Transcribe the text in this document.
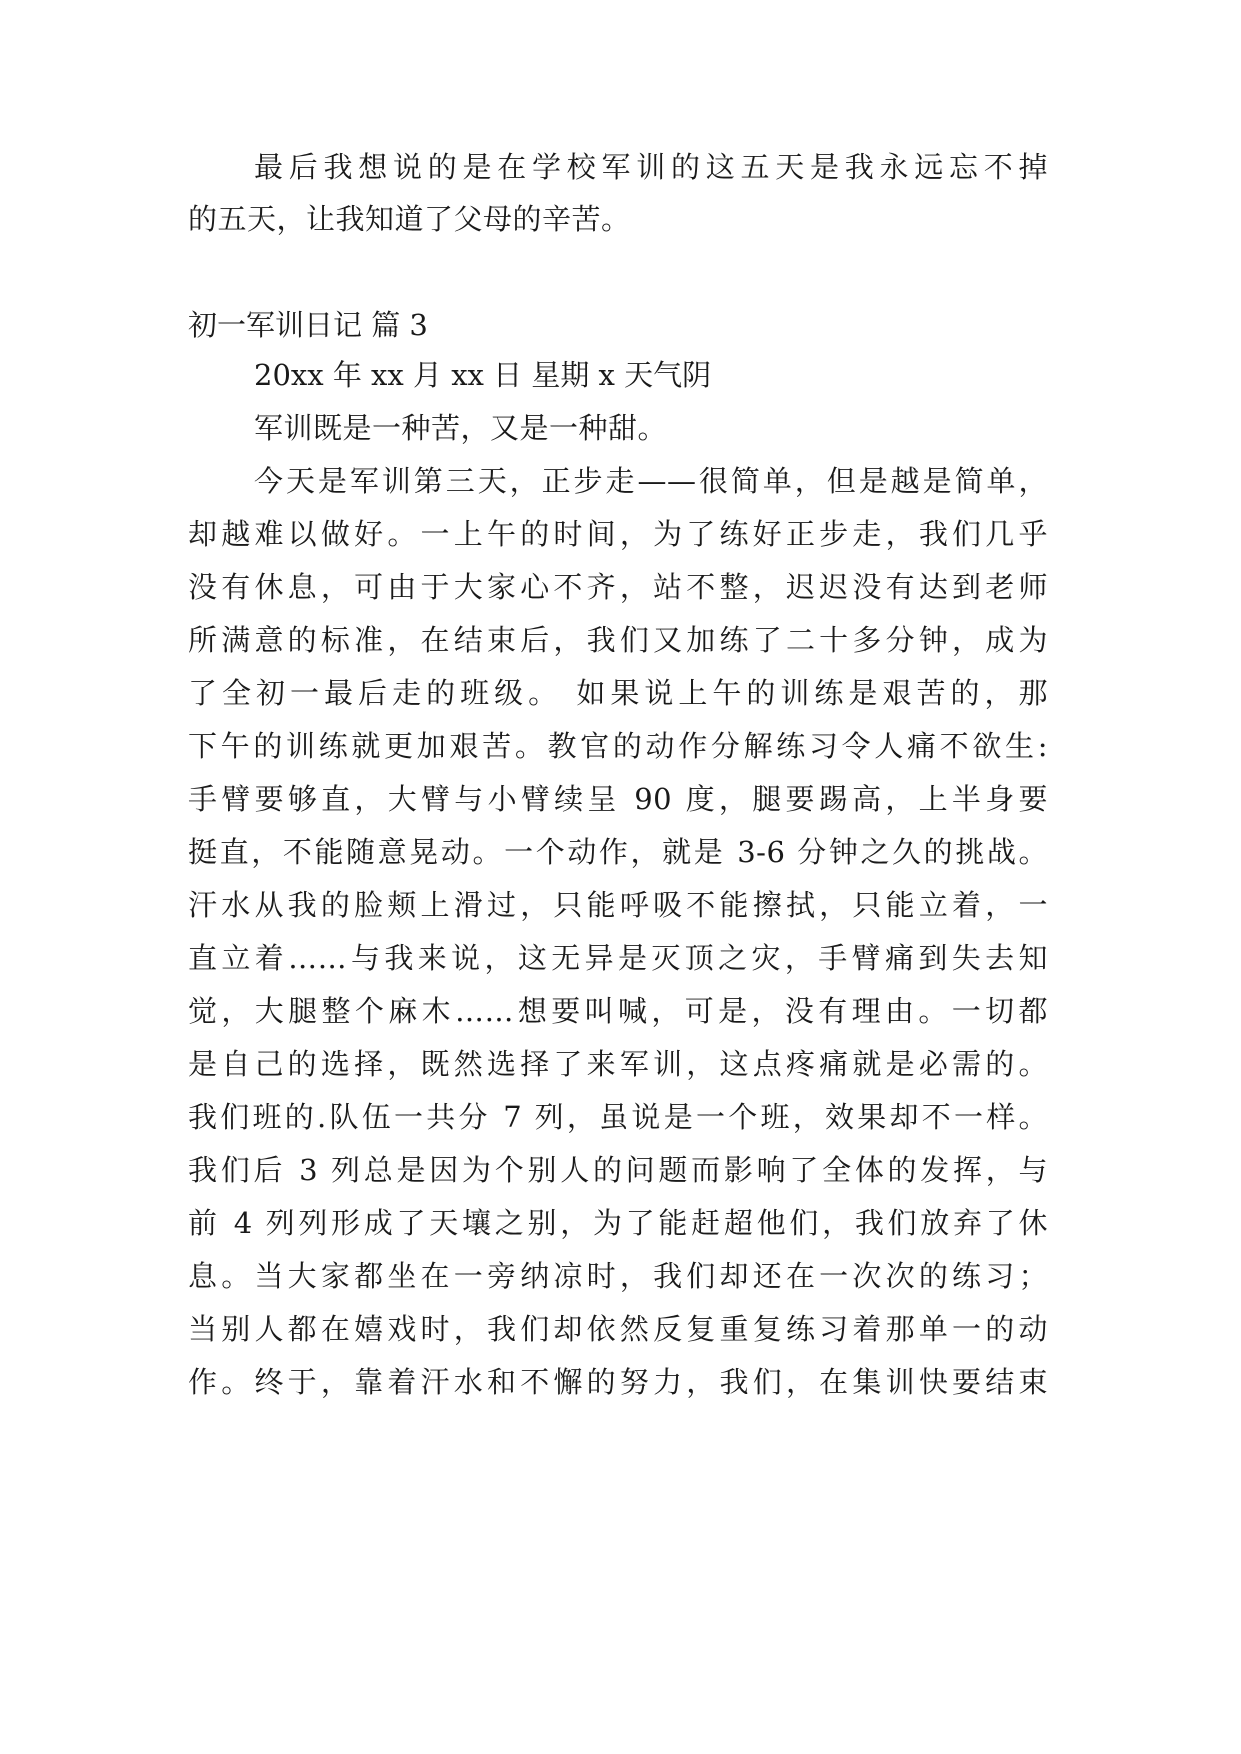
最后我想说的是在学校军训的这五天是我永远忘不掉
的五天，让我知道了父母的辛苦。
初一军训日记 篇 3
20xx 年 xx 月 xx 日 星期 x 天气阴
军训既是一种苦，又是一种甜。
今天是军训第三天，正步走——很简单，但是越是简单，
却越难以做好。一上午的时间，为了练好正步走，我们几乎
没有休息，可由于大家心不齐，站不整，迟迟没有达到老师
所满意的标准，在结束后，我们又加练了二十多分钟，成为
了全初一最后走的班级。 如果说上午的训练是艰苦的，那
下午的训练就更加艰苦。教官的动作分解练习令人痛不欲生:
手臂要够直，大臂与小臂续呈 90 度，腿要踢高，上半身要
挺直，不能随意晃动。一个动作，就是 3-6 分钟之久的挑战。
汗水从我的脸颊上滑过，只能呼吸不能擦拭，只能立着，一
直立着……与我来说，这无异是灭顶之灾，手臂痛到失去知
觉，大腿整个麻木……想要叫喊，可是，没有理由。一切都
是自己的选择，既然选择了来军训，这点疼痛就是必需的。
我们班的.队伍一共分 7 列，虽说是一个班，效果却不一样。
我们后 3 列总是因为个别人的问题而影响了全体的发挥，与
前 4 列列形成了天壤之别，为了能赶超他们，我们放弃了休
息。当大家都坐在一旁纳凉时，我们却还在一次次的练习；
当别人都在嬉戏时，我们却依然反复重复练习着那单一的动
作。终于，靠着汗水和不懈的努力，我们，在集训快要结束
